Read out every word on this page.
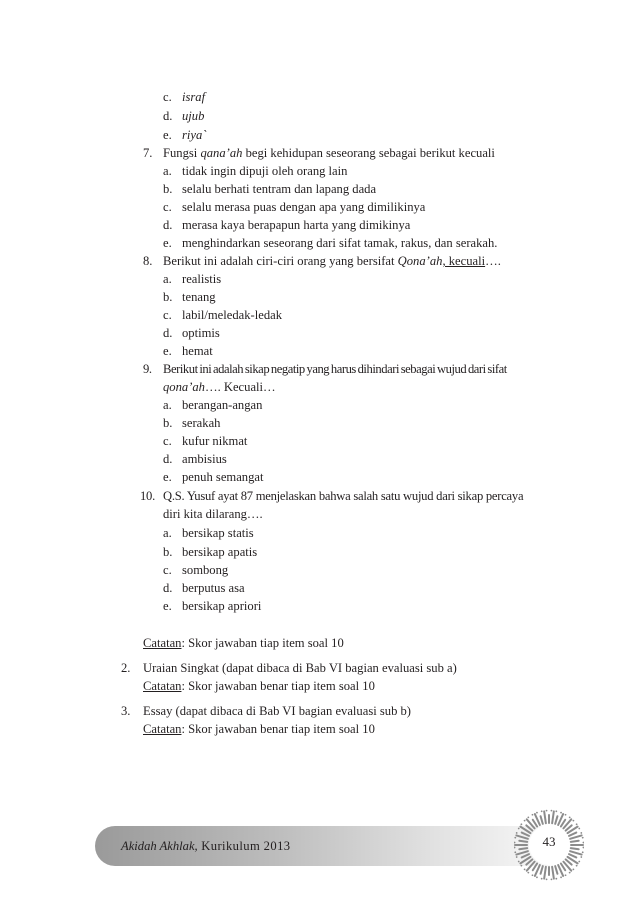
c. israf
d. ujub
e. riya`
7. Fungsi qana’ah begi kehidupan seseorang sebagai berikut kecuali
a. tidak ingin dipuji oleh orang lain
b. selalu berhati tentram dan lapang dada
c. selalu merasa puas dengan apa yang dimilikinya
d. merasa kaya berapapun harta yang dimikinya
e. menghindarkan seseorang dari sifat tamak, rakus, dan serakah.
8. Berikut ini adalah ciri-ciri orang yang bersifat Qona’ah, kecuali….
a. realistis
b. tenang
c. labil/meledak-ledak
d. optimis
e. hemat
9. Berikut ini adalah sikap negatip yang harus dihindari sebagai wujud dari sifat
qona’ah…. Kecuali…
a. berangan-angan
b. serakah
c. kufur nikmat
d. ambisius
e. penuh semangat
10. Q.S. Yusuf ayat 87 menjelaskan bahwa salah satu wujud dari sikap percaya
diri kita dilarang….
a. bersikap statis
b. bersikap apatis
c. sombong
d. berputus asa
e. bersikap apriori
Catatan: Skor jawaban tiap item soal 10
2. Uraian Singkat (dapat dibaca di Bab VI bagian evaluasi sub a)
Catatan: Skor jawaban benar tiap item soal 10
3. Essay (dapat dibaca di Bab VI bagian evaluasi sub b)
Catatan: Skor jawaban benar tiap item soal 10
Akidah Akhlak, Kurikulum 2013	43
